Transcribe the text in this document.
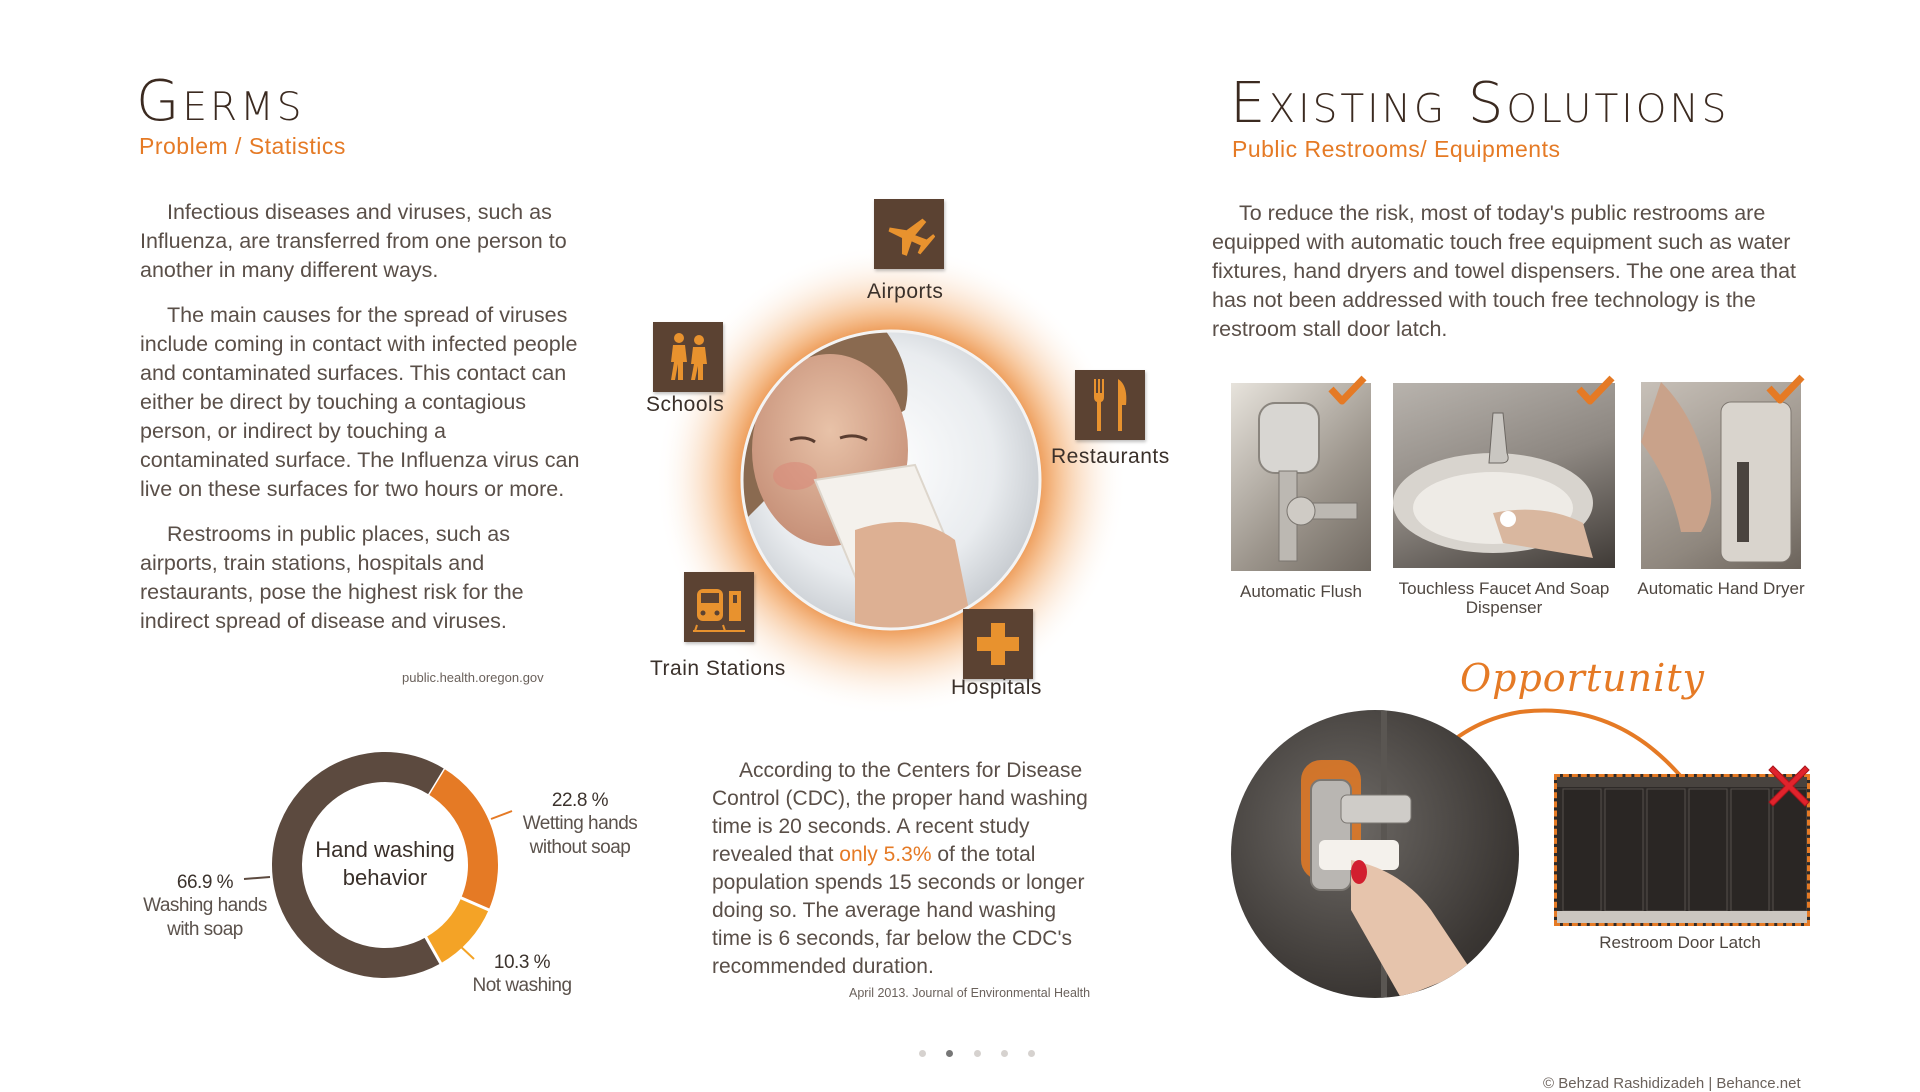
Germs
Problem / Statistics

Infectious diseases and viruses, such as Influenza, are transferred from one person to another in many different ways.

The main causes for the spread of viruses include coming in contact with infected people and contaminated surfaces. This contact can either be direct by touching a contagious person, or indirect by touching a contaminated surface. The Influenza virus can live on these surfaces for two hours or more.

Restrooms in public places, such as airports, train stations, hospitals and restaurants, pose the highest risk for the indirect spread of disease and viruses.

public.health.oregon.gov
Airports
Schools
Restaurants
Train Stations
Hospitals
Hand washing
behavior
66.9 %
Washing hands
with soap
22.8 %
Wetting hands
without soap
10.3 %
Not washing

According to the Centers for Disease Control (CDC), the proper hand washing time is 20 seconds. A recent study revealed that only 5.3% of the total population spends 15 seconds or longer doing so. The average hand washing time is 6 seconds, far below the CDC's recommended duration.

April 2013. Journal of Environmental Health
Existing Solutions
Public Restrooms/ Equipments

To reduce the risk, most of today's public restrooms are equipped with automatic touch free equipment such as water fixtures, hand dryers and towel dispensers. The one area that has not been addressed with touch free technology is the restroom stall door latch.

Automatic Flush	Touchless Faucet And Soap
Dispenser
Automatic Hand Dryer
Opportunity
Restroom Door Latch

© Behzad Rashidizadeh | Behance.net
